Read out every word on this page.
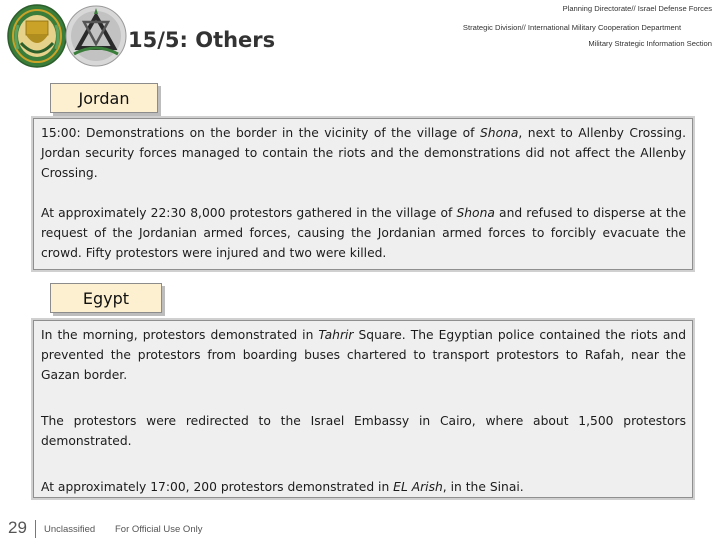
15/5: Others
Planning Directorate// Israel Defense Forces
Strategic Division// International Military Cooperation Department
Military Strategic Information Section
Jordan

15:00: Demonstrations on the border in the vicinity of the village of Shona, next to Allenby Crossing. Jordan security forces managed to contain the riots and the demonstrations did not affect the Allenby Crossing.

At approximately 22:30 8,000 protestors gathered in the village of Shona and refused to disperse at the request of the Jordanian armed forces, causing the Jordanian armed forces to forcibly evacuate the crowd. Fifty protestors were injured and two were killed.

Egypt

In the morning, protestors demonstrated in Tahrir Square. The Egyptian police contained the riots and prevented the protestors from boarding buses chartered to transport protestors to Rafah, near the Gazan border.

The protestors were redirected to the Israel Embassy in Cairo, where about 1,500 protestors demonstrated.

At approximately 17:00, 200 protestors demonstrated in EL Arish, in the Sinai.

29 Unclassified For Official Use Only
